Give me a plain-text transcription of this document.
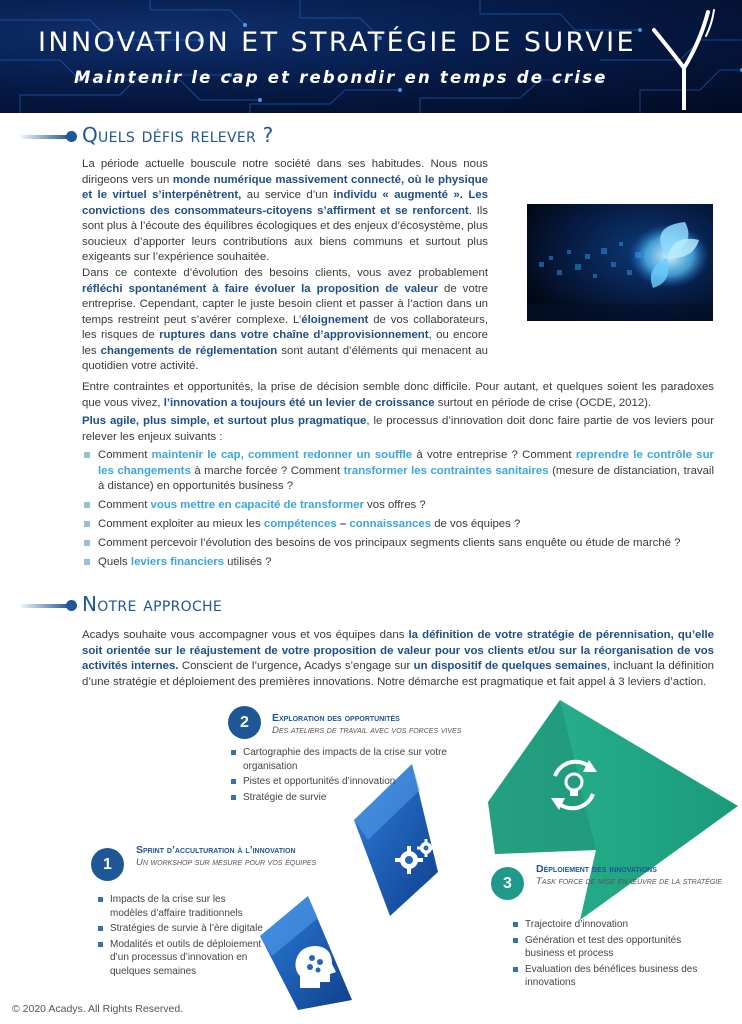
INNOVATION ET STRATÉGIE DE SURVIE
Maintenir le cap et rebondir en temps de crise
Quels défis relever ?
La période actuelle bouscule notre société dans ses habitudes. Nous nous dirigeons vers un monde numérique massivement connecté, où le physique et le virtuel s’interpénètrent, au service d’un individu « augmenté ». Les convictions des consommateurs-citoyens s’affirment et se renforcent. Ils sont plus à l’écoute des équilibres écologiques et des enjeux d’écosystème, plus soucieux d’apporter leurs contributions aux biens communs et surtout plus exigeants sur l’expérience souhaitée.
Dans ce contexte d’évolution des besoins clients, vous avez probablement réfléchi spontanément à faire évoluer la proposition de valeur de votre entreprise. Cependant, capter le juste besoin client et passer à l’action dans un temps restreint peut s’avérer complexe. L’éloignement de vos collaborateurs, les risques de ruptures dans votre chaîne d’approvisionnement, ou encore les changements de réglementation sont autant d’éléments qui menacent au quotidien votre activité.
Entre contraintes et opportunités, la prise de décision semble donc difficile. Pour autant, et quelques soient les paradoxes que vous vivez, l’innovation a toujours été un levier de croissance surtout en période de crise (OCDE, 2012).
Plus agile, plus simple, et surtout plus pragmatique, le processus d’innovation doit donc faire partie de vos leviers pour relever les enjeux suivants :
Comment maintenir le cap, comment redonner un souffle à votre entreprise ? Comment reprendre le contrôle sur les changements à marche forcée ? Comment transformer les contraintes sanitaires (mesure de distanciation, travail à distance) en opportunités business ?
Comment vous mettre en capacité de transformer vos offres ?
Comment exploiter au mieux les compétences – connaissances de vos équipes ?
Comment percevoir l’évolution des besoins de vos principaux segments clients sans enquête ou étude de marché ?
Quels leviers financiers utilisés ?
Notre approche
Acadys souhaite vous accompagner vous et vos équipes dans la définition de votre stratégie de pérennisation, qu’elle soit orientée sur le réajustement de votre proposition de valeur pour vos clients et/ou sur la réorganisation de vos activités internes. Conscient de l’urgence, Acadys s’engage sur un dispositif de quelques semaines, incluant la définition d’une stratégie et déploiement des premières innovations. Notre démarche est pragmatique et fait appel à 3 leviers d’action.
2	Exploration des opportunités
Des ateliers de travail avec vos forces vives
Cartographie des impacts de la crise sur votre organisation
Pistes et opportunités d’innovation
Stratégie de survie
1
Sprint d’acculturation à l’innovation
Un workshop sur mesure pour vos équipes
Impacts de la crise sur les modèles d’affaire traditionnels
Stratégies de survie à l’ère digitale
Modalités et outils de déploiement d’un processus d’innovation en quelques semaines
3
Déploiement des innovations
Task force de mise en œuvre de la stratégie
Trajectoire d’innovation
Génération et test des opportunités business et process
Evaluation des bénéfices business des innovations
© 2020 Acadys. All Rights Reserved.
